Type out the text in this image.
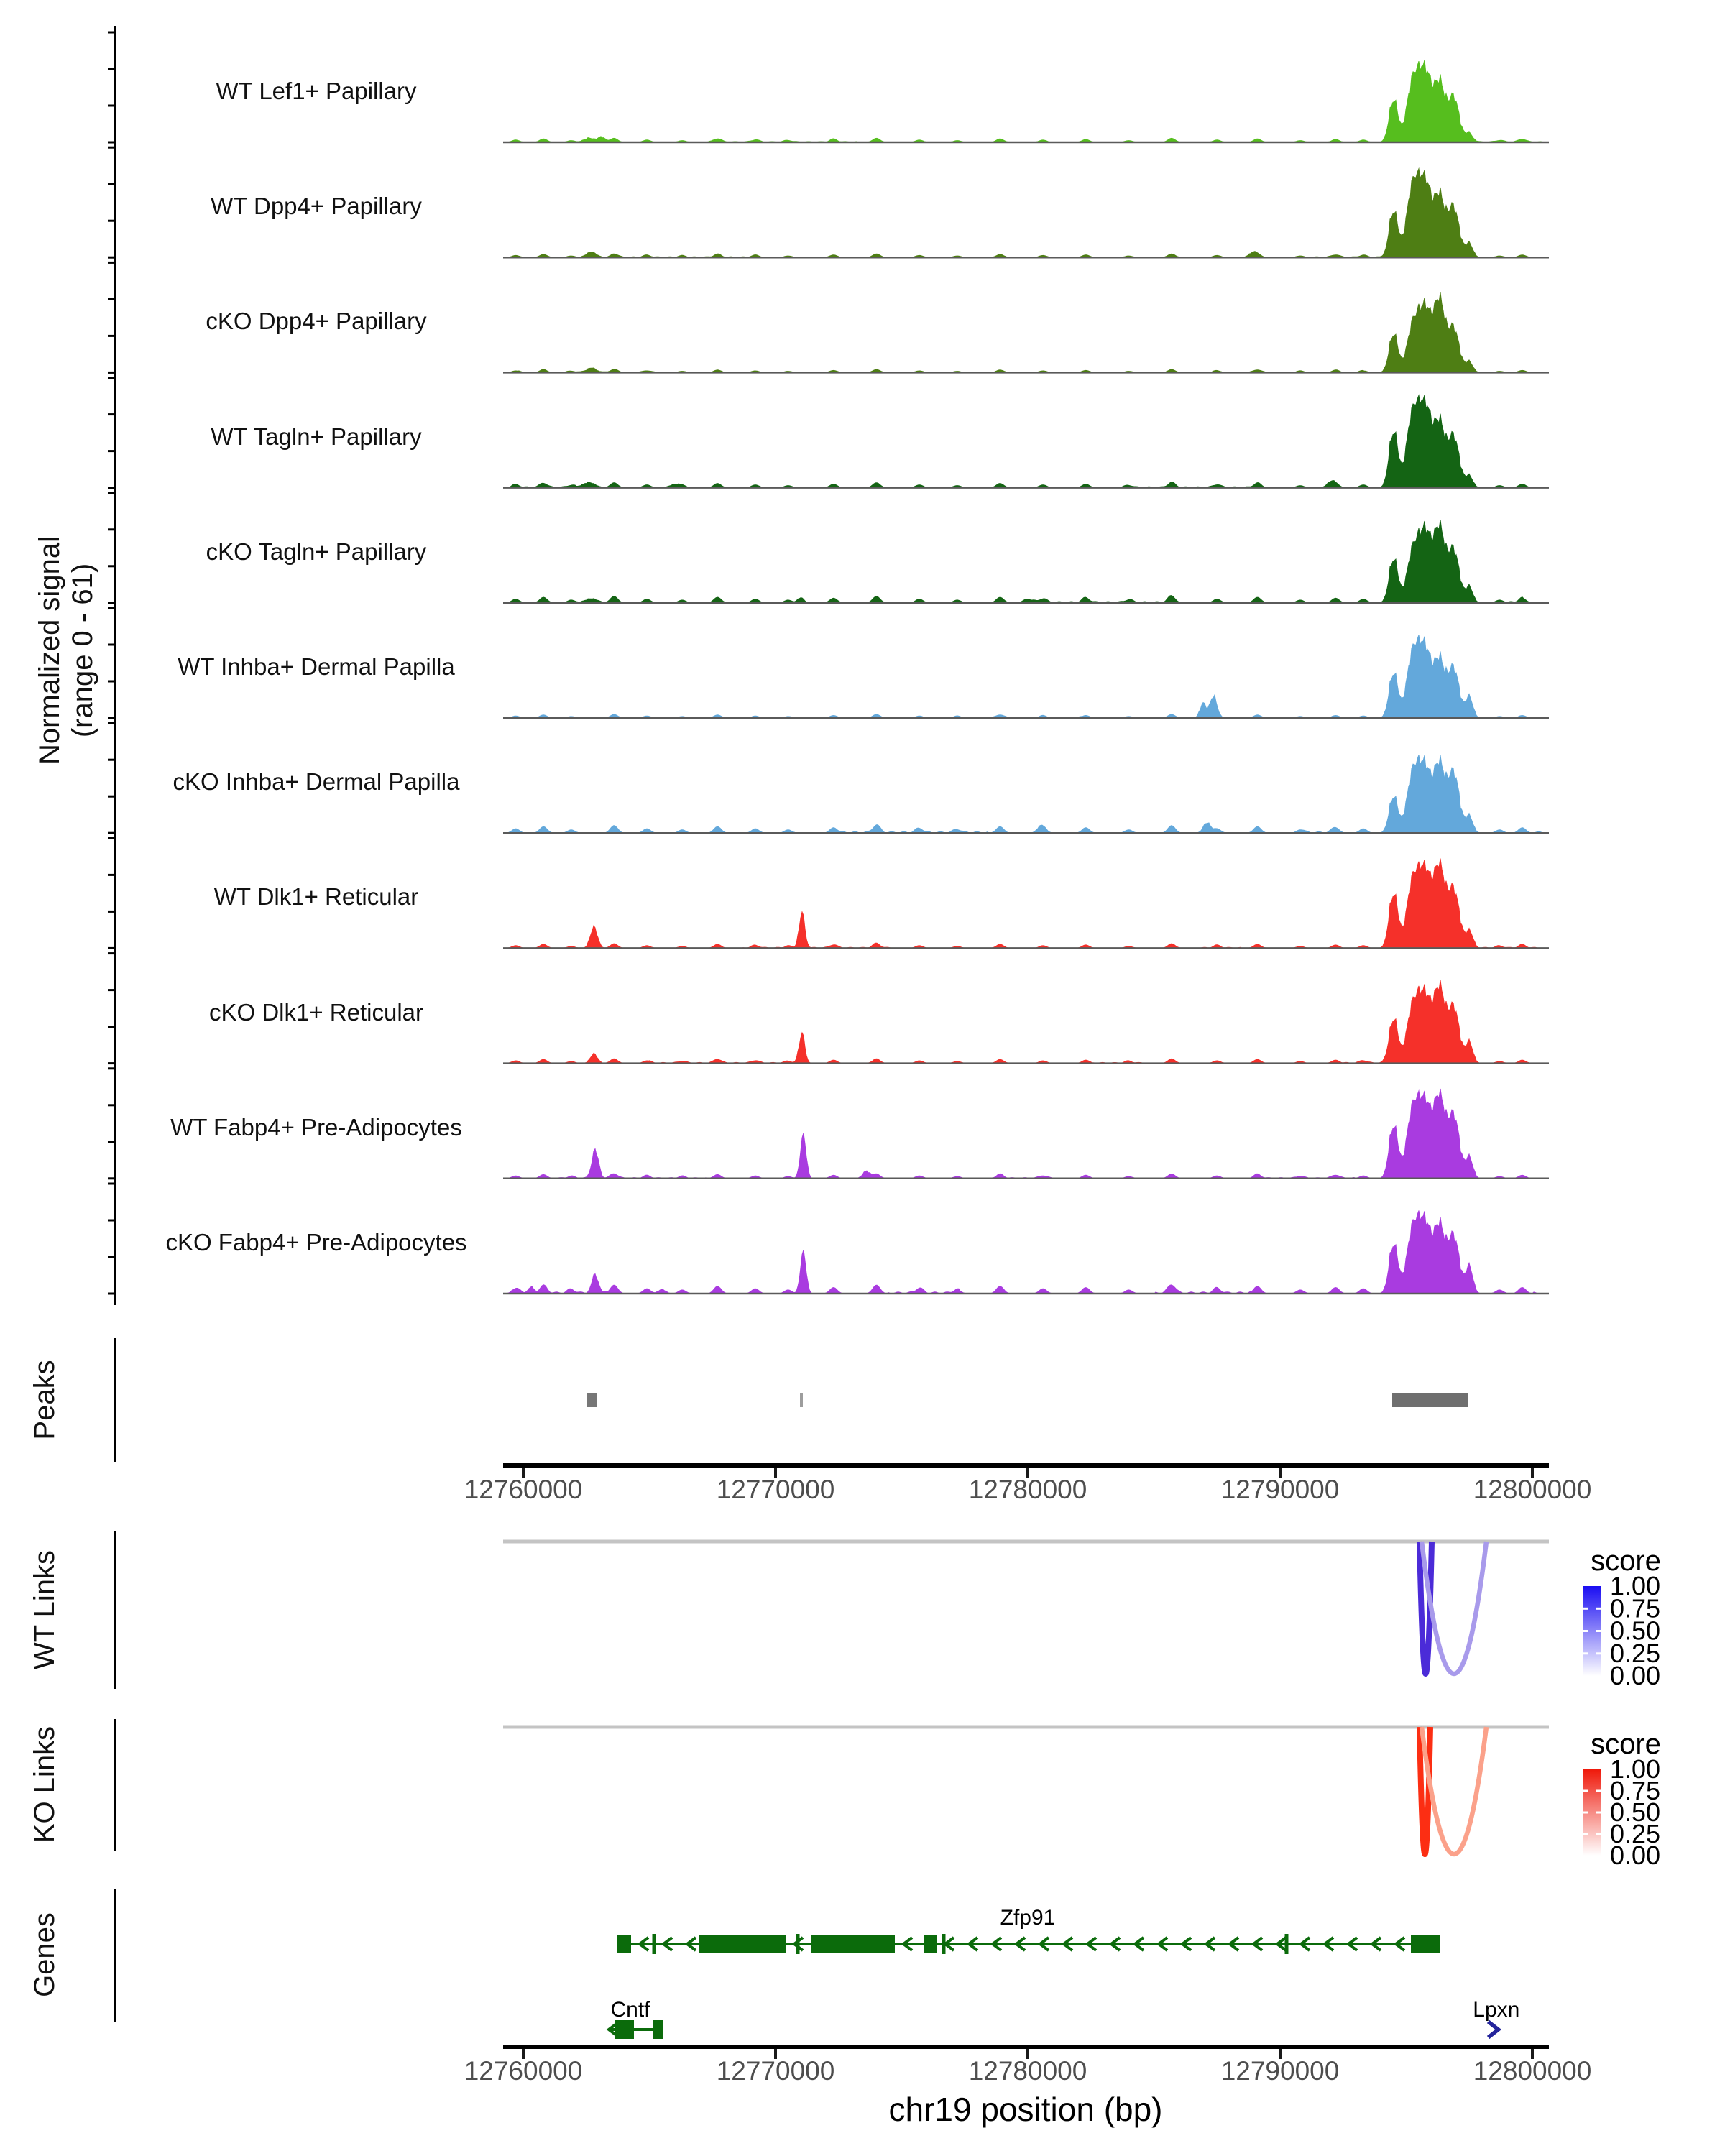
12760000	12770000	12780000	12790000	12800000
Zfp91
Cntf	Lpxn
12760000	12770000	12780000	12790000	12800000
score
1.00
0.75
0.50
0.25
0.00
score
1.00
0.75
0.50
0.25
0.00
Normalized signal (range 0 - 61)
Peaks
WT Links
KO Links
Genes
WT Lef1+ Papillary
WT Dpp4+ Papillary
cKO Dpp4+ Papillary
WT Tagln+ Papillary
cKO Tagln+ Papillary
WT Inhba+ Dermal Papilla
cKO Inhba+ Dermal Papilla
WT Dlk1+ Reticular
cKO Dlk1+ Reticular
WT Fabp4+ Pre-Adipocytes
cKO Fabp4+ Pre-Adipocytes
chr19 position (bp)
